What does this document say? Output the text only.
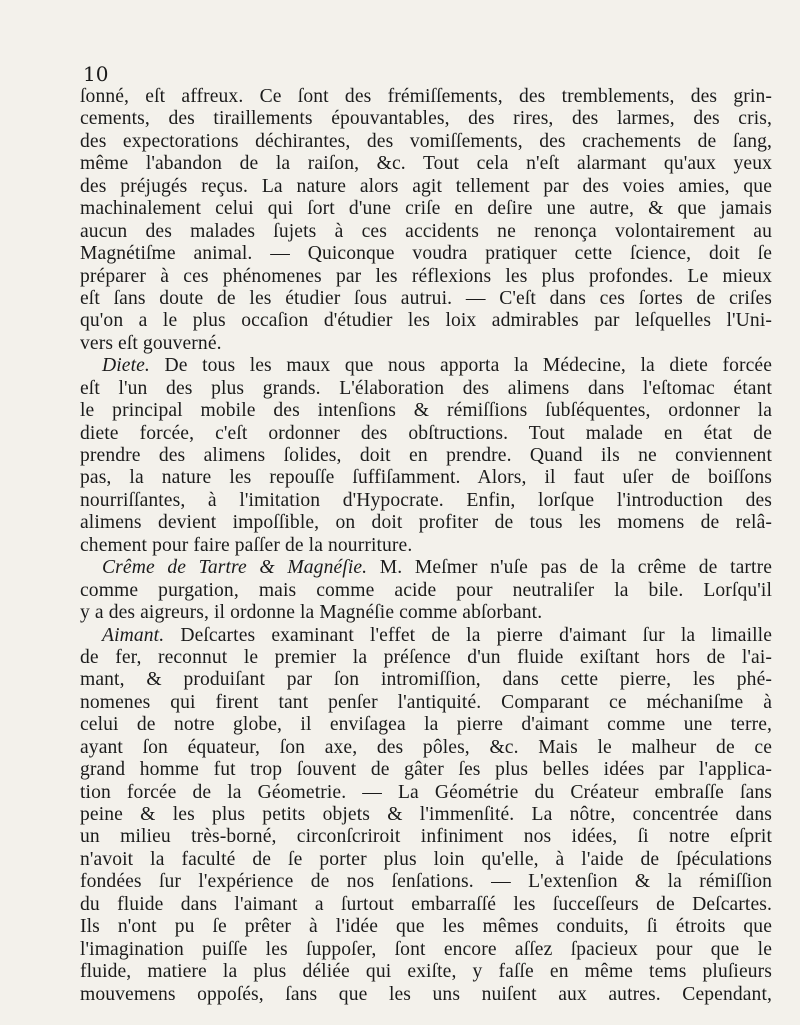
10
ſonné, eſt affreux. Ce ſont des frémiſſements, des tremblements, des grin-
cements, des tiraillements épouvantables, des rires, des larmes, des cris,
des expectorations déchirantes, des vomiſſements, des crachements de ſang,
même l'abandon de la raiſon, &c. Tout cela n'eſt alarmant qu'aux yeux
des préjugés reçus. La nature alors agit tellement par des voies amies, que
machinalement celui qui ſort d'une criſe en deſire une autre, & que jamais
aucun des malades ſujets à ces accidents ne renonça volontairement au
Magnétiſme animal. — Quiconque voudra pratiquer cette ſcience, doit ſe
préparer à ces phénomenes par les réflexions les plus profondes. Le mieux
eſt ſans doute de les étudier ſous autrui. — C'eſt dans ces ſortes de criſes
qu'on a le plus occaſion d'étudier les loix admirables par leſquelles l'Uni-
vers eſt gouverné.
Diete. De tous les maux que nous apporta la Médecine, la diete forcée
eſt l'un des plus grands. L'élaboration des alimens dans l'eſtomac étant
le principal mobile des intenſions & rémiſſions ſubſéquentes, ordonner la
diete forcée, c'eſt ordonner des obſtructions. Tout malade en état de
prendre des alimens ſolides, doit en prendre. Quand ils ne conviennent
pas, la nature les repouſſe ſuffiſamment. Alors, il faut uſer de boiſſons
nourriſſantes, à l'imitation d'Hypocrate. Enfin, lorſque l'introduction des
alimens devient impoſſible, on doit profiter de tous les momens de relâ-
chement pour faire paſſer de la nourriture.
Crême de Tartre & Magnéſie. M. Meſmer n'uſe pas de la crême de tartre
comme purgation, mais comme acide pour neutraliſer la bile. Lorſqu'il
y a des aigreurs, il ordonne la Magnéſie comme abſorbant.
Aimant. Deſcartes examinant l'effet de la pierre d'aimant ſur la limaille
de fer, reconnut le premier la préſence d'un fluide exiſtant hors de l'ai-
mant, & produiſant par ſon intromiſſion, dans cette pierre, les phé-
nomenes qui firent tant penſer l'antiquité. Comparant ce méchaniſme à
celui de notre globe, il enviſagea la pierre d'aimant comme une terre,
ayant ſon équateur, ſon axe, des pôles, &c. Mais le malheur de ce
grand homme fut trop ſouvent de gâter ſes plus belles idées par l'applica-
tion forcée de la Géometrie. — La Géométrie du Créateur embraſſe ſans
peine & les plus petits objets & l'immenſité. La nôtre, concentrée dans
un milieu très-borné, circonſcriroit infiniment nos idées, ſi notre eſprit
n'avoit la faculté de ſe porter plus loin qu'elle, à l'aide de ſpéculations
fondées ſur l'expérience de nos ſenſations. — L'extenſion & la rémiſſion
du fluide dans l'aimant a ſurtout embarraſſé les ſucceſſeurs de Deſcartes.
Ils n'ont pu ſe prêter à l'idée que les mêmes conduits, ſi étroits que
l'imagination puiſſe les ſuppoſer, ſont encore aſſez ſpacieux pour que le
fluide, matiere la plus déliée qui exiſte, y faſſe en même tems pluſieurs
mouvemens oppoſés, ſans que les uns nuiſent aux autres. Cependant,
